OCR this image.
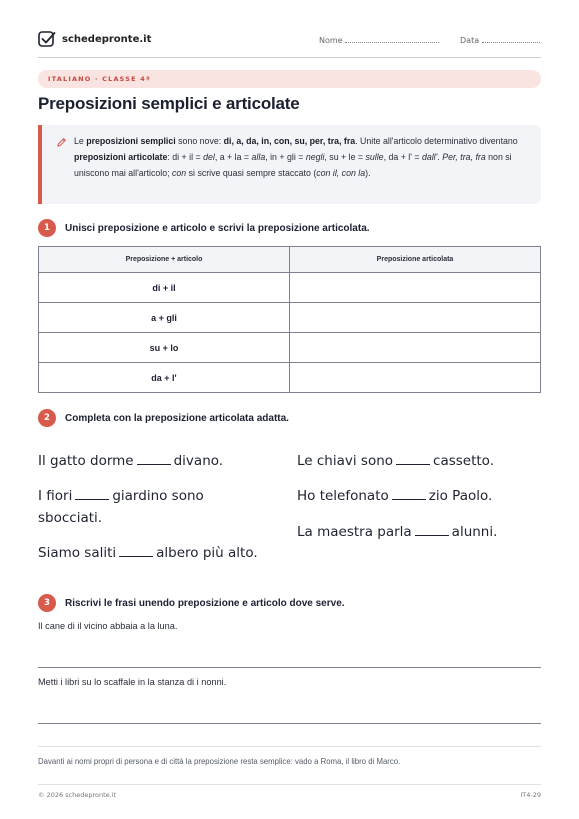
schedepronte.it	Nome	Data
ITALIANO · CLASSE 4ª
Preposizioni semplici e articolate
Le preposizioni semplici sono nove: di, a, da, in, con, su, per, tra, fra. Unite all'articolo determinativo diventano preposizioni articolate: di + il = del, a + la = alla, in + gli = negli, su + le = sulle, da + l' = dall'. Per, tra, fra non si uniscono mai all'articolo; con si scrive quasi sempre staccato (con il, con la).
1	Unisci preposizione e articolo e scrivi la preposizione articolata.
Preposizione + articolo	Preposizione articolata
di + il	
a + gli	
su + lo	
da + l'	
2	Completa con la preposizione articolata adatta.
Il gatto dorme	divano.
I fiori	giardino sono sbocciati.
Siamo saliti	albero più alto.
Le chiavi sono	cassetto.
Ho telefonato	zio Paolo.
La maestra parla	alunni.
3	Riscrivi le frasi unendo preposizione e articolo dove serve.
Il cane di il vicino abbaia a la luna.
Metti i libri su lo scaffale in la stanza di i nonni.
Davanti ai nomi propri di persona e di città la preposizione resta semplice: vado a Roma, il libro di Marco.
© 2026 schedepronte.it	IT4-29
